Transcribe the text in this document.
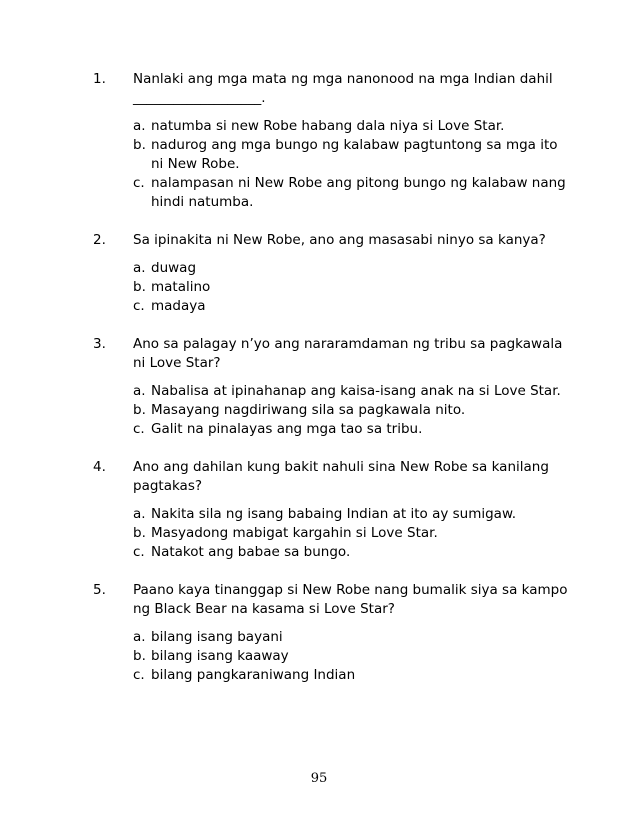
1. Nanlaki ang mga mata ng mga nanonood na mga Indian dahil
___________________.
a. natumba si new Robe habang dala niya si Love Star.
b. nadurog ang mga bungo ng kalabaw pagtuntong sa mga ito ni New Robe.
c. nalampasan ni New Robe ang pitong bungo ng kalabaw nang hindi natumba.
2. Sa ipinakita ni New Robe, ano ang masasabi ninyo sa kanya?
a. duwag
b. matalino
c. madaya
3. Ano sa palagay n’yo ang nararamdaman ng tribu sa pagkawala ni Love Star?
a. Nabalisa at ipinahanap ang kaisa-isang anak na si Love Star.
b. Masayang nagdiriwang sila sa pagkawala nito.
c. Galit na pinalayas ang mga tao sa tribu.
4. Ano ang dahilan kung bakit nahuli sina New Robe sa kanilang pagtakas?
a. Nakita sila ng isang babaing Indian at ito ay sumigaw.
b. Masyadong mabigat kargahin si Love Star.
c. Natakot ang babae sa bungo.
5. Paano kaya tinanggap si New Robe nang bumalik siya sa kampo ng Black Bear na kasama si Love Star?
a. bilang isang bayani
b. bilang isang kaaway
c. bilang pangkaraniwang Indian
95
